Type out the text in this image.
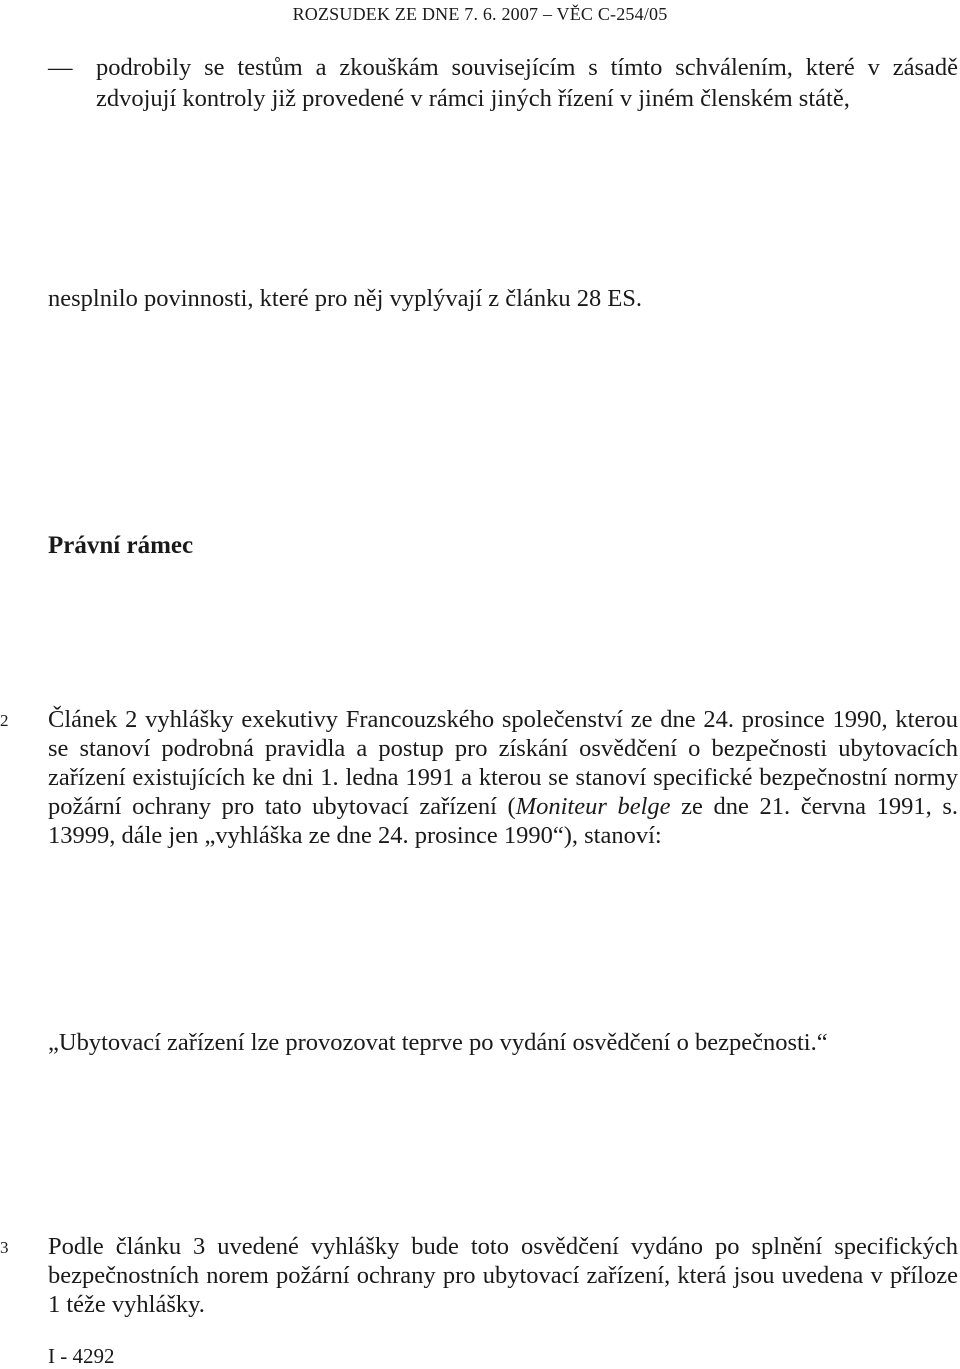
ROZSUDEK ZE DNE 7. 6. 2007 – VĚC C-254/05
— podrobily se testům a zkouškám souvisejícím s tímto schválením, které v zásadě zdvojují kontroly již provedené v rámci jiných řízení v jiném členském státě,
nesplnilo povinnosti, které pro něj vyplývají z článku 28 ES.
Právní rámec
2	Článek 2 vyhlášky exekutivy Francouzského společenství ze dne 24. prosince 1990, kterou se stanoví podrobná pravidla a postup pro získání osvědčení o bezpečnosti ubytovacích zařízení existujících ke dni 1. ledna 1991 a kterou se stanoví specifické bezpečnostní normy požární ochrany pro tato ubytovací zařízení (Moniteur belge ze dne 21. června 1991, s. 13999, dále jen „vyhláška ze dne 24. prosince 1990“), stanoví:
„Ubytovací zařízení lze provozovat teprve po vydání osvědčení o bezpečnosti.“
3	Podle článku 3 uvedené vyhlášky bude toto osvědčení vydáno po splnění specifických bezpečnostních norem požární ochrany pro ubytovací zařízení, která jsou uvedena v příloze 1 téže vyhlášky.
I - 4292
